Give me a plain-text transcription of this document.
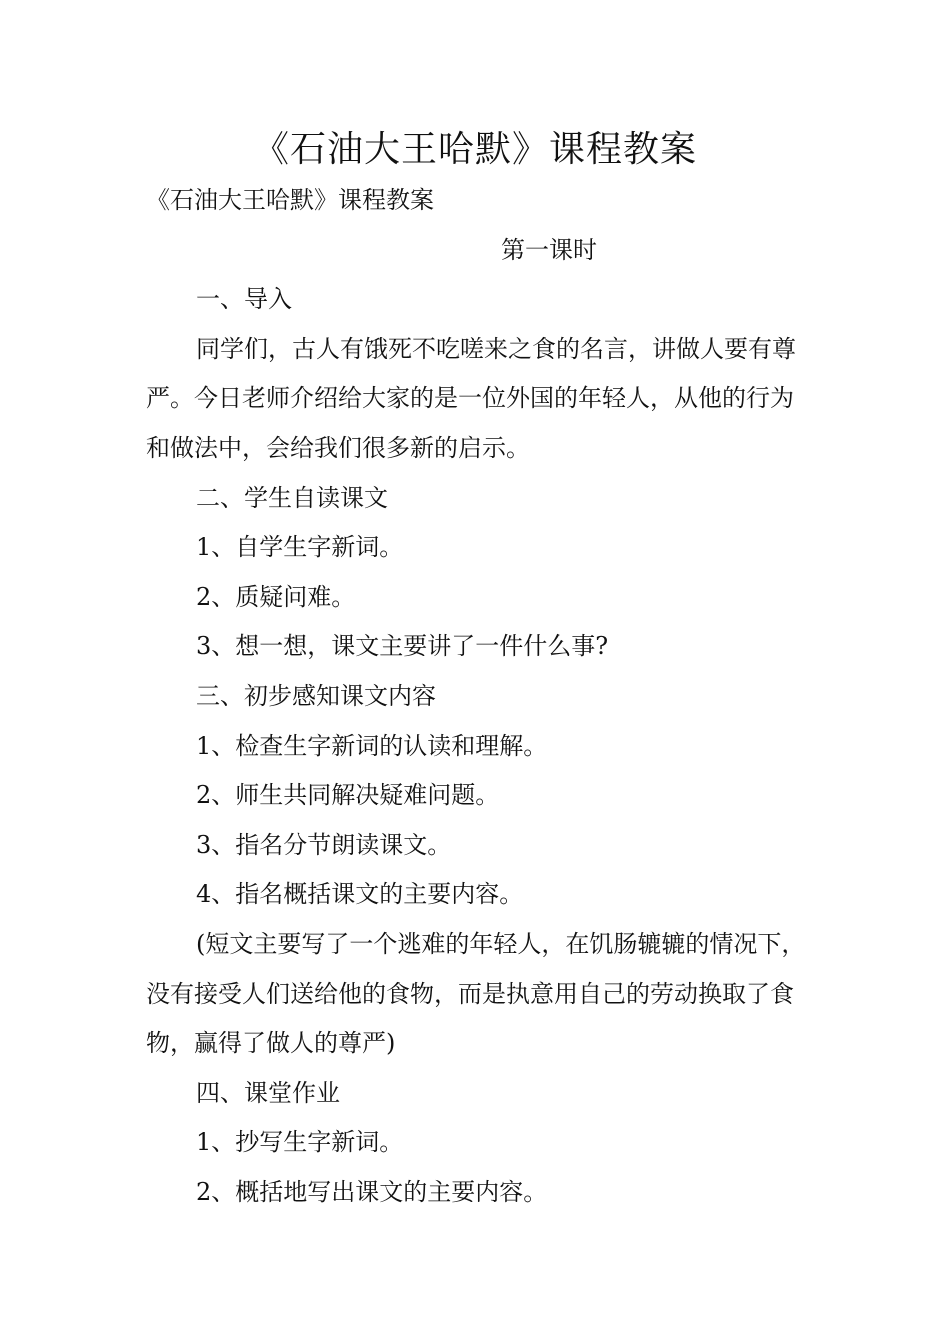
《石油大王哈默》课程教案

《石油大王哈默》课程教案

第一课时

一、导入

同学们，古人有饿死不吃嗟来之食的名言，讲做人要有尊严。今日老师介绍给大家的是一位外国的年轻人，从他的行为和做法中，会给我们很多新的启示。

二、学生自读课文

1、自学生字新词。

2、质疑问难。

3、想一想，课文主要讲了一件什么事?

三、初步感知课文内容

1、检查生字新词的认读和理解。

2、师生共同解决疑难问题。

3、指名分节朗读课文。

4、指名概括课文的主要内容。

(短文主要写了一个逃难的年轻人，在饥肠辘辘的情况下，没有接受人们送给他的食物，而是执意用自己的劳动换取了食物，赢得了做人的尊严)

四、课堂作业

1、抄写生字新词。

2、概括地写出课文的主要内容。
